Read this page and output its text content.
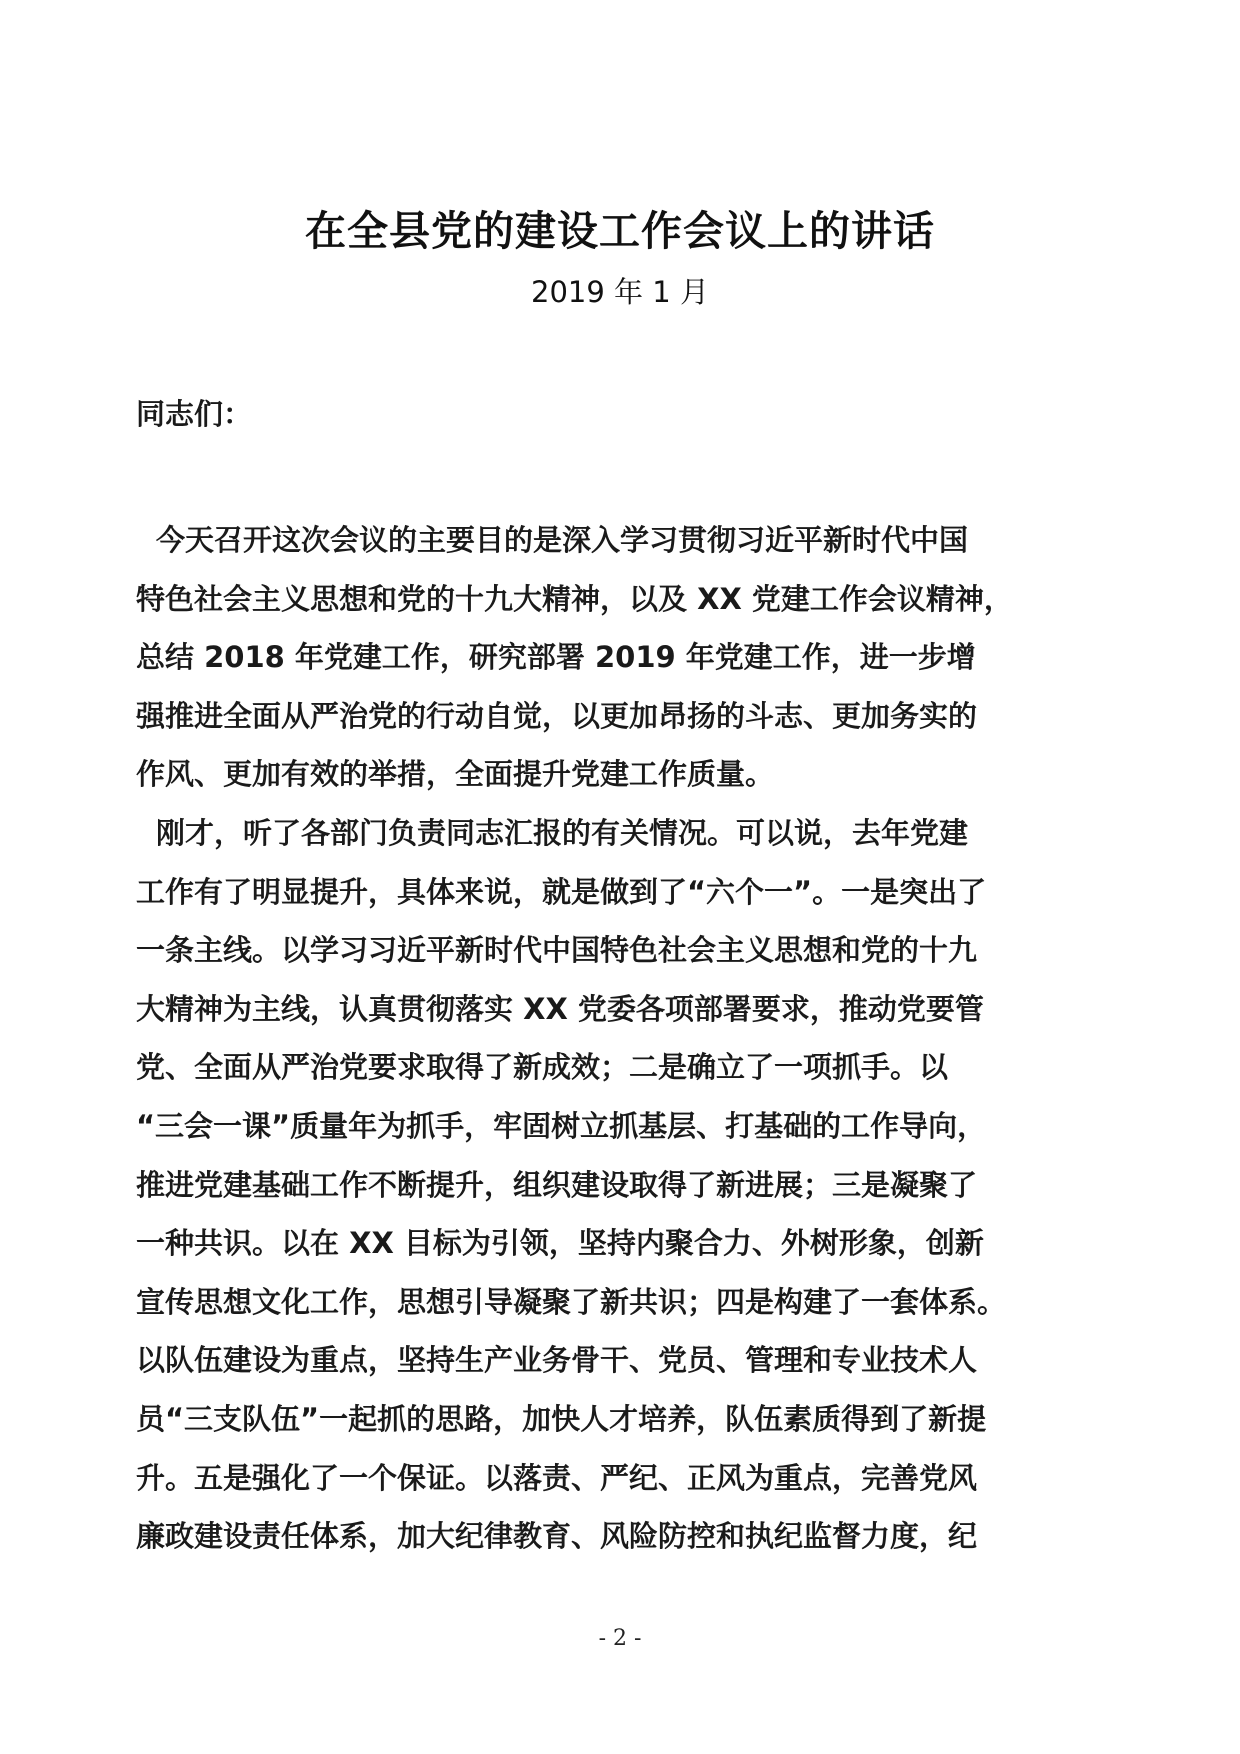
在全县党的建设工作会议上的讲话
2019 年 1 月
同志们：
今天召开这次会议的主要目的是深入学习贯彻习近平新时代中国
特色社会主义思想和党的十九大精神，以及 XX 党建工作会议精神，
总结 2018 年党建工作，研究部署 2019 年党建工作，进一步增
强推进全面从严治党的行动自觉，以更加昂扬的斗志、更加务实的
作风、更加有效的举措，全面提升党建工作质量。
刚才，听了各部门负责同志汇报的有关情况。可以说，去年党建
工作有了明显提升，具体来说，就是做到了“六个一”。一是突出了
一条主线。以学习习近平新时代中国特色社会主义思想和党的十九
大精神为主线，认真贯彻落实 XX 党委各项部署要求，推动党要管
党、全面从严治党要求取得了新成效；二是确立了一项抓手。以
“三会一课”质量年为抓手，牢固树立抓基层、打基础的工作导向，
推进党建基础工作不断提升，组织建设取得了新进展；三是凝聚了
一种共识。以在 XX 目标为引领，坚持内聚合力、外树形象，创新
宣传思想文化工作，思想引导凝聚了新共识；四是构建了一套体系。
以队伍建设为重点，坚持生产业务骨干、党员、管理和专业技术人
员“三支队伍”一起抓的思路，加快人才培养，队伍素质得到了新提
升。五是强化了一个保证。以落责、严纪、正风为重点，完善党风
廉政建设责任体系，加大纪律教育、风险防控和执纪监督力度，纪
- 2 -
